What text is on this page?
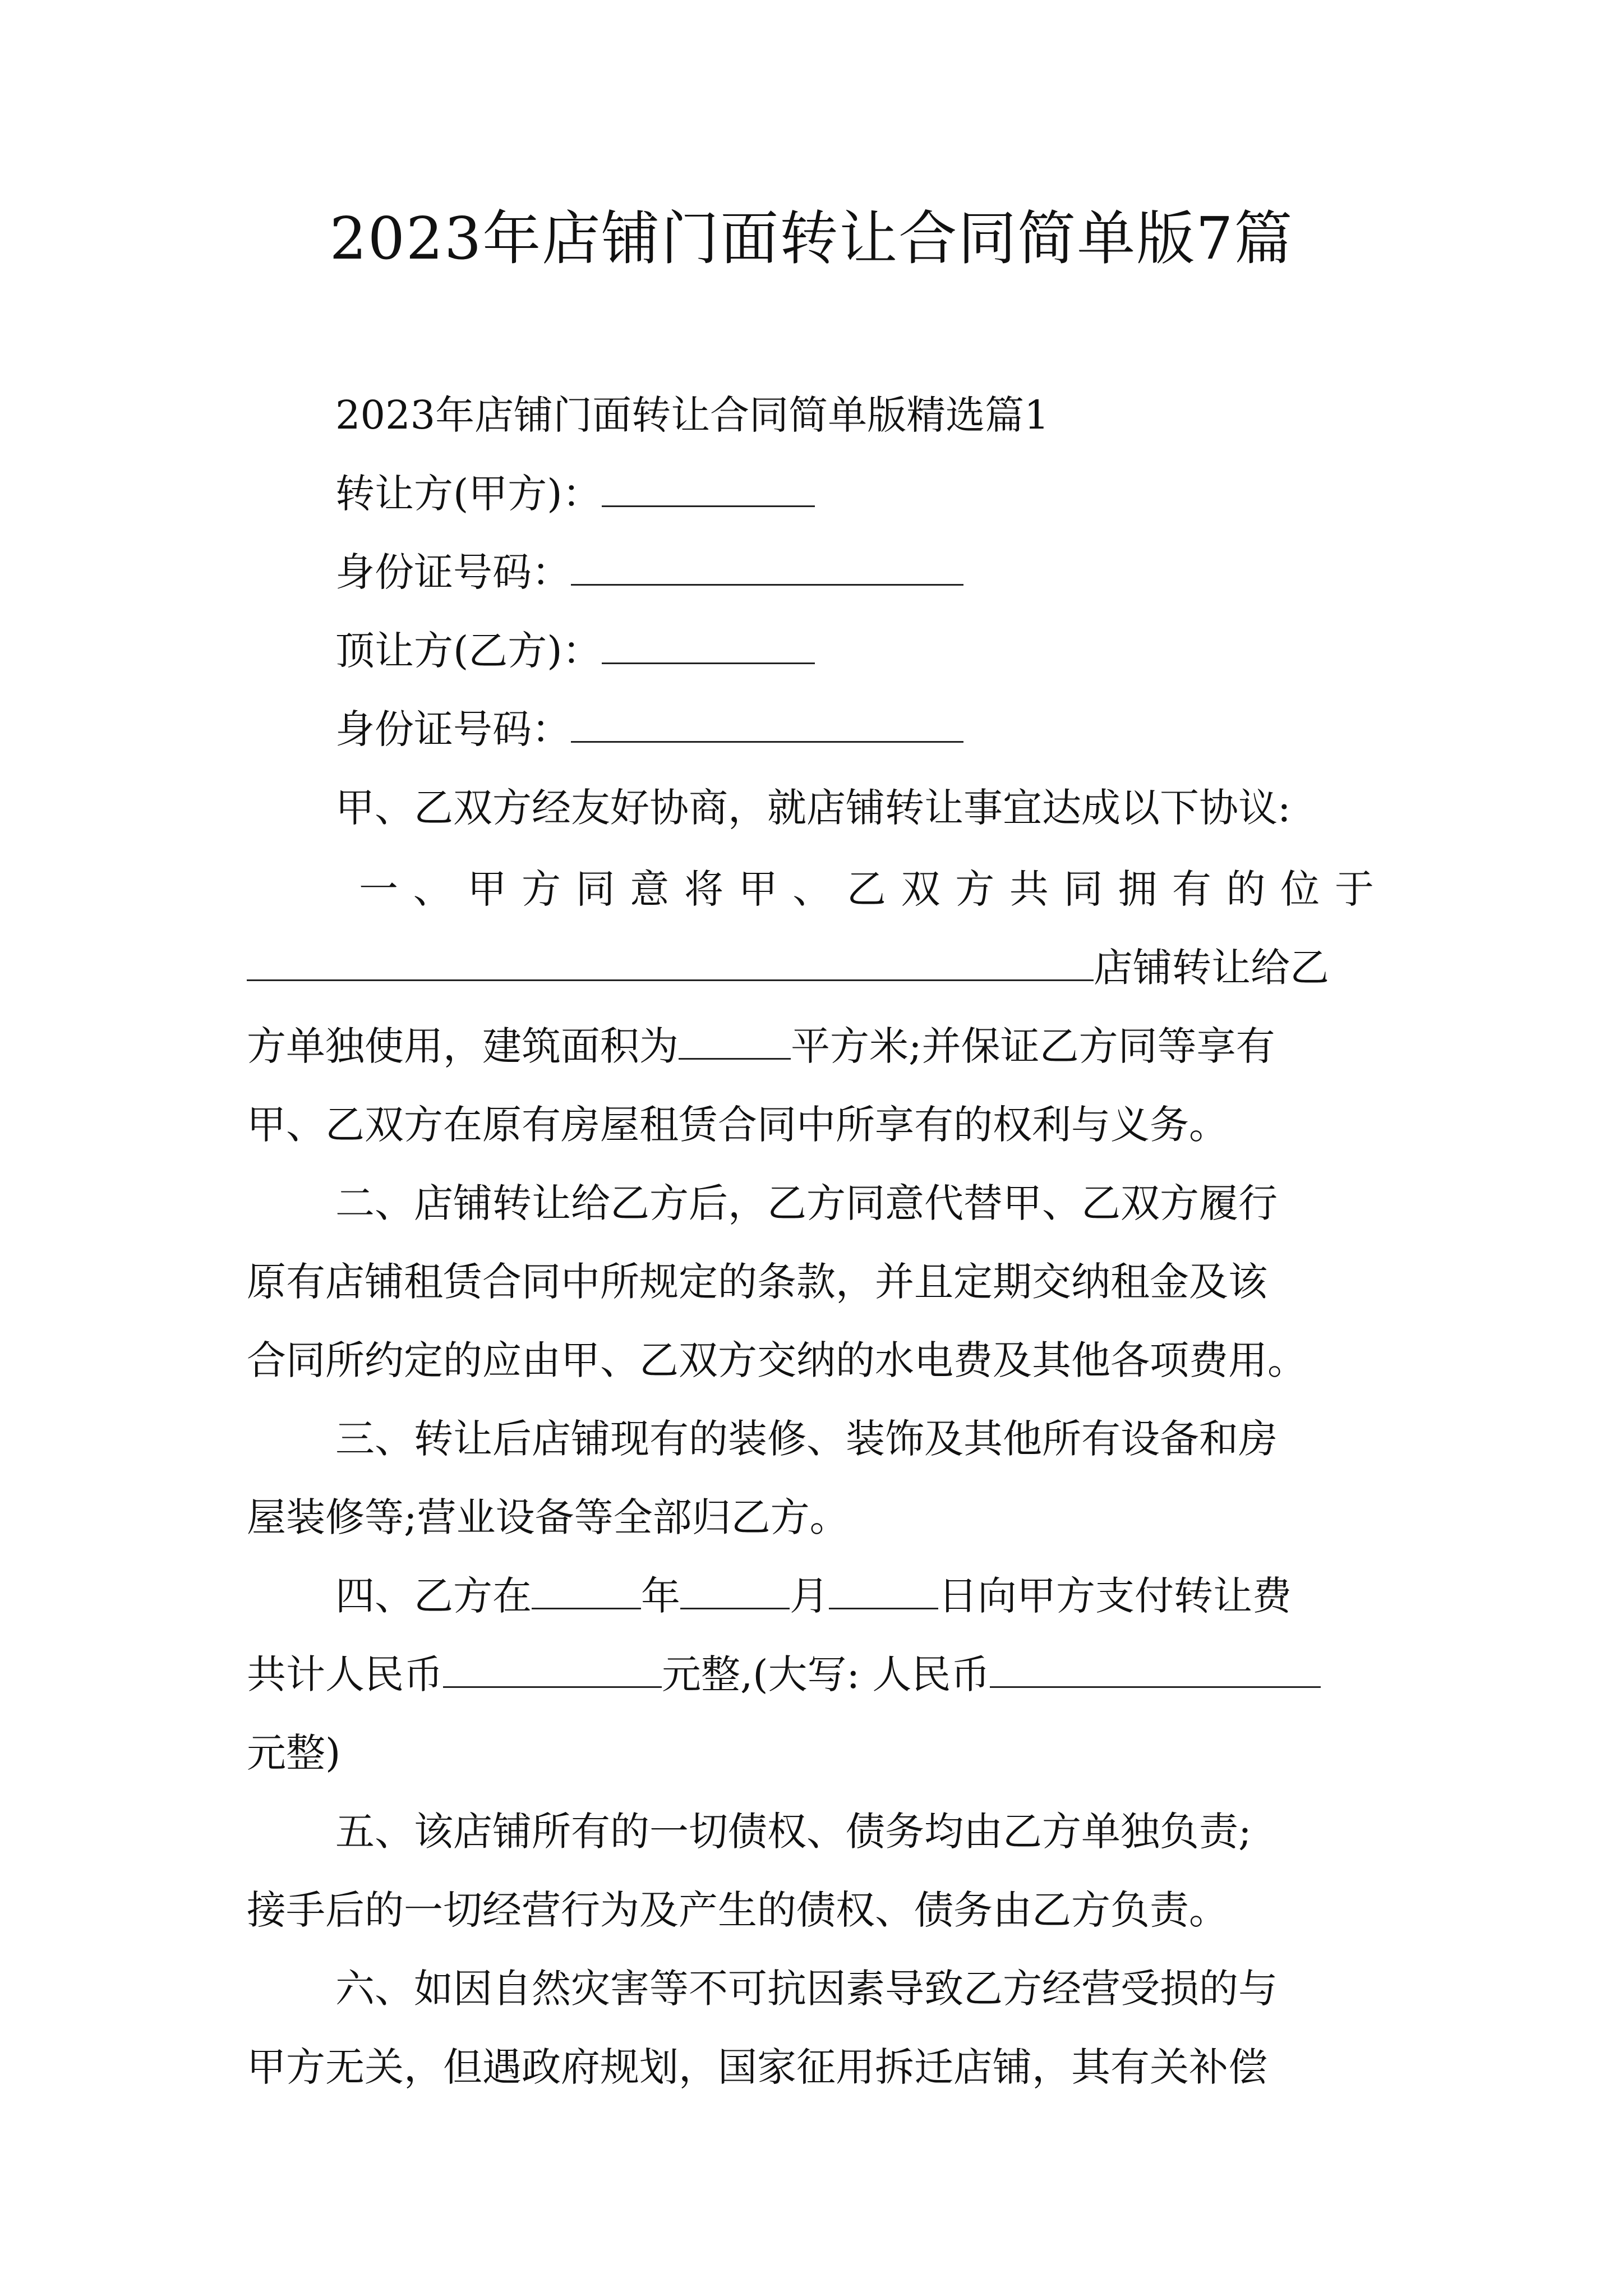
2023年店铺门面转让合同简单版7篇
2023年店铺门面转让合同简单版精选篇1
转让方(甲方)：
身份证号码：
顶让方(乙方)：
身份证号码：
甲、乙双方经友好协商，就店铺转让事宜达成以下协议:
一 、 甲 方 同 意 将 甲 、 乙 双 方 共 同 拥 有 的 位 于
店铺转让给乙
方单独使用，建筑面积为	平方米;并保证乙方同等享有
甲、乙双方在原有房屋租赁合同中所享有的权利与义务。
二、店铺转让给乙方后，乙方同意代替甲、乙双方履行
原有店铺租赁合同中所规定的条款，并且定期交纳租金及该
合同所约定的应由甲、乙双方交纳的水电费及其他各项费用。
三、转让后店铺现有的装修、装饰及其他所有设备和房
屋装修等;营业设备等全部归乙方。
四、乙方在	年	月	日向甲方支付转让费
共计人民币	元整,(大写: 人民币
元整)
五、该店铺所有的一切债权、债务均由乙方单独负责;
接手后的一切经营行为及产生的债权、债务由乙方负责。
六、如因自然灾害等不可抗因素导致乙方经营受损的与
甲方无关，但遇政府规划，国家征用拆迁店铺，其有关补偿
